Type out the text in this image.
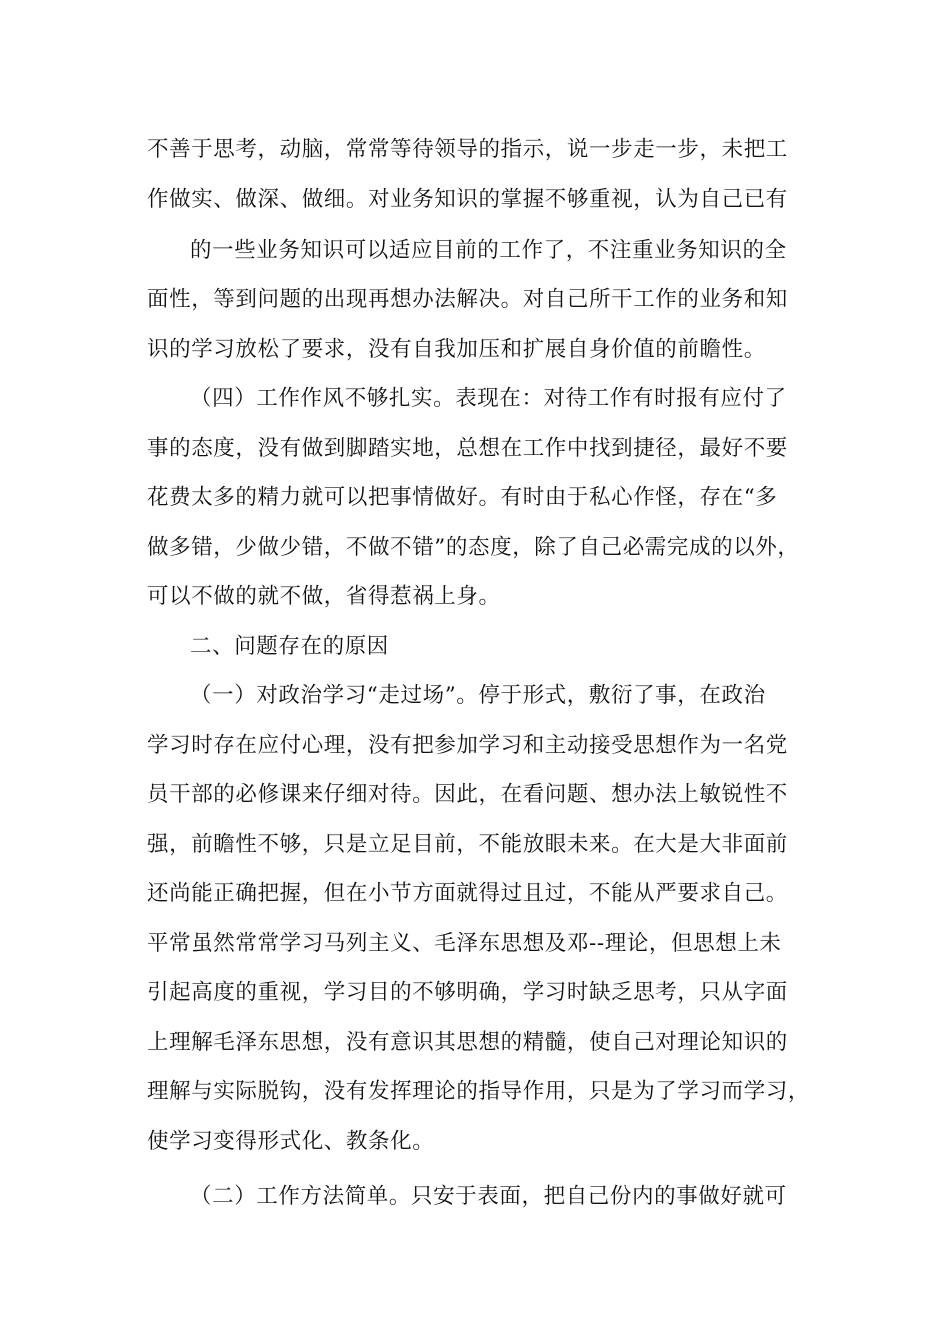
不善于思考，动脑，常常等待领导的指示，说一步走一步，未把工
作做实、做深、做细。对业务知识的掌握不够重视，认为自己已有
的一些业务知识可以适应目前的工作了，不注重业务知识的全
面性，等到问题的出现再想办法解决。对自己所干工作的业务和知
识的学习放松了要求，没有自我加压和扩展自身价值的前瞻性。
（四）工作作风不够扎实。表现在：对待工作有时报有应付了
事的态度，没有做到脚踏实地，总想在工作中找到捷径，最好不要
花费太多的精力就可以把事情做好。有时由于私心作怪，存在“多
做多错，少做少错，不做不错”的态度，除了自己必需完成的以外，
可以不做的就不做，省得惹祸上身。
二、问题存在的原因
（一）对政治学习“走过场”。停于形式，敷衍了事，在政治
学习时存在应付心理，没有把参加学习和主动接受思想作为一名党
员干部的必修课来仔细对待。因此，在看问题、想办法上敏锐性不
强，前瞻性不够，只是立足目前，不能放眼未来。在大是大非面前
还尚能正确把握，但在小节方面就得过且过，不能从严要求自己。
平常虽然常常学习马列主义、毛泽东思想及邓--理论，但思想上未
引起高度的重视，学习目的不够明确，学习时缺乏思考，只从字面
上理解毛泽东思想，没有意识其思想的精髓，使自己对理论知识的
理解与实际脱钩，没有发挥理论的指导作用，只是为了学习而学习，
使学习变得形式化、教条化。
（二）工作方法简单。只安于表面，把自己份内的事做好就可
